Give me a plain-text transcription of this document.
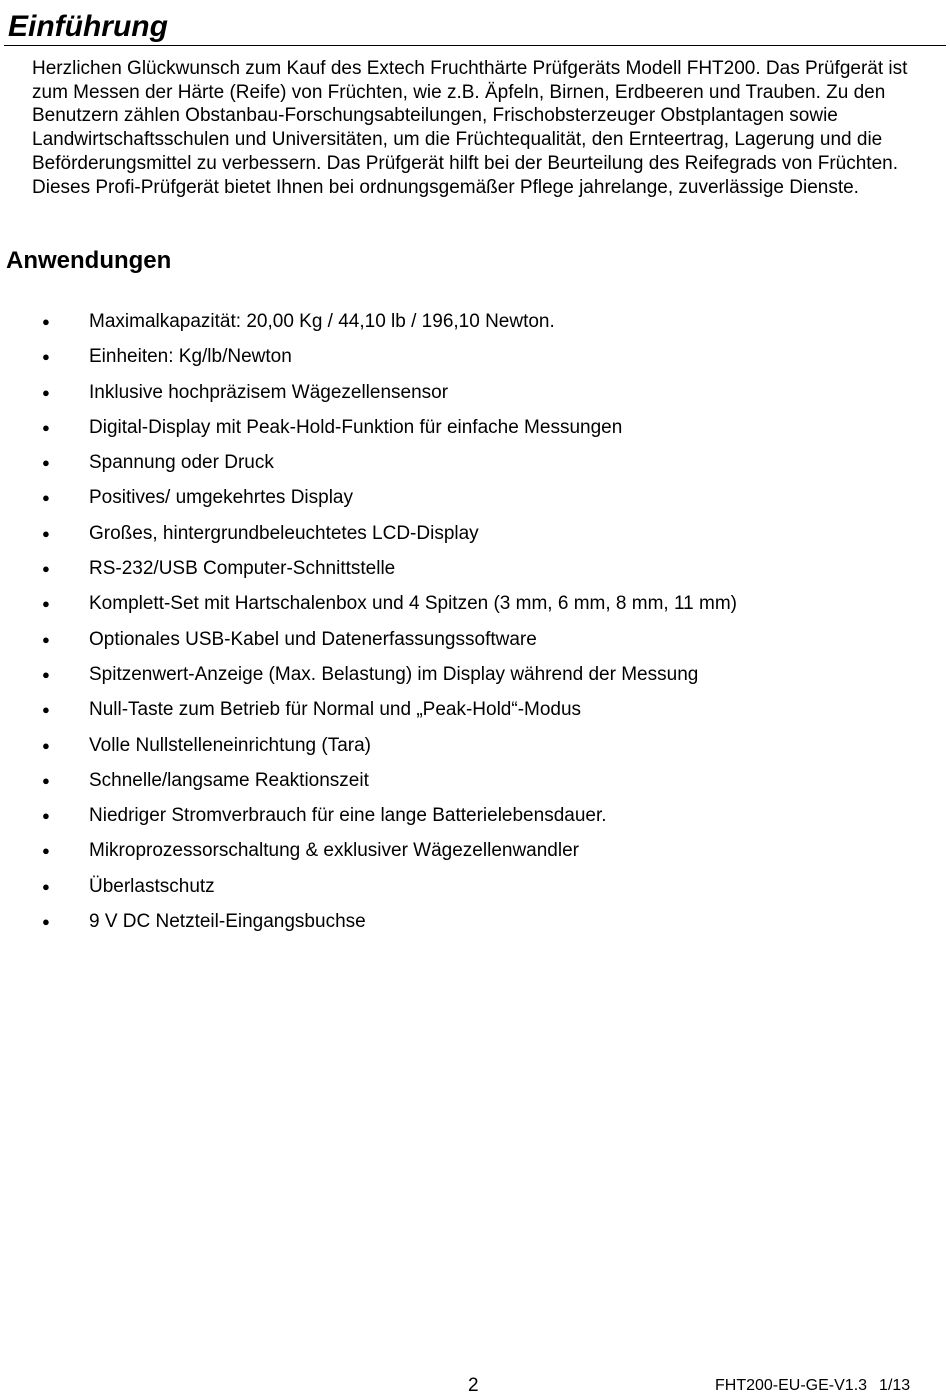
Einführung

Herzlichen Glückwunsch zum Kauf des Extech Fruchthärte Prüfgeräts Modell FHT200. Das Prüfgerät ist zum Messen der Härte (Reife) von Früchten, wie z.B. Äpfeln, Birnen, Erdbeeren und Trauben. Zu den Benutzern zählen Obstanbau-Forschungsabteilungen, Frischobsterzeuger Obstplantagen sowie Landwirtschaftsschulen und Universitäten, um die Früchtequalität, den Ernteertrag, Lagerung und die Beförderungsmittel zu verbessern. Das Prüfgerät hilft bei der Beurteilung des Reifegrads von Früchten. Dieses Profi-Prüfgerät bietet Ihnen bei ordnungsgemäßer Pflege jahrelange, zuverlässige Dienste.

Anwendungen
● Maximalkapazität: 20,00 Kg / 44,10 lb / 196,10 Newton.
● Einheiten: Kg/lb/Newton
● Inklusive hochpräzisem Wägezellensensor
● Digital-Display mit Peak-Hold-Funktion für einfache Messungen
● Spannung oder Druck
● Positives/ umgekehrtes Display
● Großes, hintergrundbeleuchtetes LCD-Display
● RS-232/USB Computer-Schnittstelle
● Komplett-Set mit Hartschalenbox und 4 Spitzen (3 mm, 6 mm, 8 mm, 11 mm)
● Optionales USB-Kabel und Datenerfassungssoftware
● Spitzenwert-Anzeige (Max. Belastung) im Display während der Messung
● Null-Taste zum Betrieb für Normal und „Peak-Hold“-Modus
● Volle Nullstelleneinrichtung (Tara)
● Schnelle/langsame Reaktionszeit
● Niedriger Stromverbrauch für eine lange Batterielebensdauer.
● Mikroprozessorschaltung & exklusiver Wägezellenwandler
● Überlastschutz
● 9 V DC Netzteil-Eingangsbuchse
2	FHT200-EU-GE-V1.3 1/13
